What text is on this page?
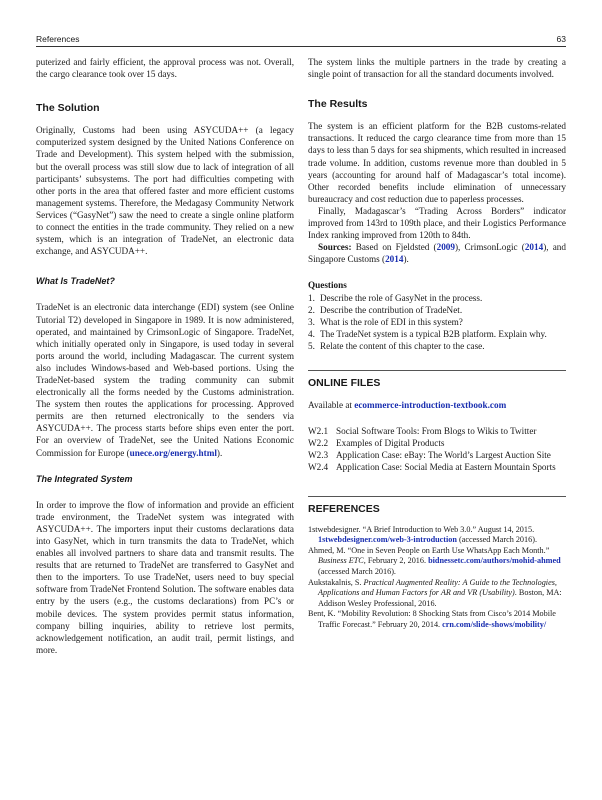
References	63

puterized and fairly efficient, the approval process was not. Overall, the cargo clearance took over 15 days.

The Solution

Originally, Customs had been using ASYCUDA++ (a legacy computerized system designed by the United Nations Conference on Trade and Development). This system helped with the submission, but the overall process was still slow due to lack of integration of all participants’ subsystems. The port had difficulties competing with other ports in the area that offered faster and more efficient customs management systems. Therefore, the Medagasy Community Network Services (“GasyNet”) saw the need to create a single online platform to connect the entities in the trade community. They relied on a new system, which is an integration of TradeNet, an electronic data exchange, and ASYCUDA++.

What Is TradeNet?

TradeNet is an electronic data interchange (EDI) system (see Online Tutorial T2) developed in Singapore in 1989. It is now administered, operated, and maintained by CrimsonLogic of Singapore. TradeNet, which initially operated only in Singapore, is used today in several ports around the world, including Madagascar. The current system also includes Windows-based and Web-based portions. Using the TradeNet-based system the trading community can submit electronically all the forms needed by the Customs administration. The system then routes the applications for processing. Approved permits are then returned electronically to the senders via ASYCUDA++. The process starts before ships even enter the port. For an overview of TradeNet, see the United Nations Economic Commission for Europe (unece.org/energy.html).

The Integrated System

In order to improve the flow of information and provide an efficient trade environment, the TradeNet system was integrated with ASYCUDA++. The importers input their customs declarations data into GasyNet, which in turn transmits the data to TradeNet, which enables all involved partners to share data and transmit results. The results that are returned to TradeNet are transferred to GasyNet and then to the importers. To use TradeNet, users need to buy special software from TradeNet Frontend Solution. The software enables data entry by the users (e.g., the customs declarations) from PC’s or mobile devices. The system provides permit status information, company billing inquiries, ability to retrieve lost permits, acknowledgement notification, an audit trail, permit listings, and more.

The system links the multiple partners in the trade by creating a single point of transaction for all the standard documents involved.

The Results

The system is an efficient platform for the B2B customs-related transactions. It reduced the cargo clearance time from more than 15 days to less than 5 days for sea shipments, which resulted in increased trade volume. In addition, customs revenue more than doubled in 5 years (accounting for around half of Madagascar’s total income). Other recorded benefits include elimination of unnecessary bureaucracy and cost reduction due to paperless processes.

Finally, Madagascar’s “Trading Across Borders” indicator improved from 143rd to 109th place, and their Logistics Performance Index ranking improved from 120th to 84th.

Sources: Based on Fjeldsted (2009), CrimsonLogic (2014), and Singapore Customs (2014).

Questions

1. Describe the role of GasyNet in the process.
2. Describe the contribution of TradeNet.
3. What is the role of EDI in this system?
4. The TradeNet system is a typical B2B platform. Explain why.
5. Relate the content of this chapter to the case.
ONLINE FILES

Available at ecommerce-introduction-textbook.com

W2.1 Social Software Tools: From Blogs to Wikis to Twitter
W2.2 Examples of Digital Products
W2.3 Application Case: eBay: The World’s Largest Auction Site
W2.4 Application Case: Social Media at Eastern Mountain Sports
REFERENCES

1stwebdesigner. “A Brief Introduction to Web 3.0.” August 14, 2015. 1stwebdesigner.com/web-3-introduction (accessed March 2016).

Ahmed, M. “One in Seven People on Earth Use WhatsApp Each Month.” Business ETC, February 2, 2016. bidnessetc.com/authors/mohid-ahmed (accessed March 2016).

Aukstakalnis, S. Practical Augmented Reality: A Guide to the Technologies, Applications and Human Factors for AR and VR (Usability). Boston, MA: Addison Wesley Professional, 2016.

Bent, K. “Mobility Revolution: 8 Shocking Stats from Cisco’s 2014 Mobile Traffic Forecast.” February 20, 2014. crn.com/slide-shows/mobility/
